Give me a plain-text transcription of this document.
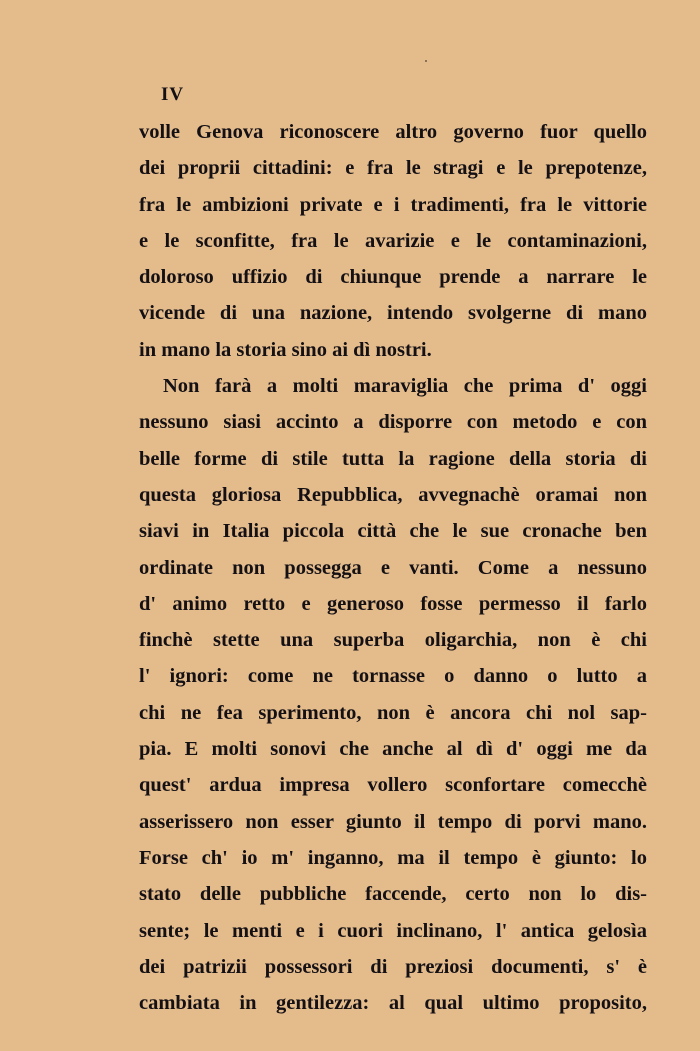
IV
volle Genova riconoscere altro governo fuor quello
dei proprii cittadini: e fra le stragi e le prepotenze,
fra le ambizioni private e i tradimenti, fra le vittorie
e le sconfitte, fra le avarizie e le contaminazioni,
doloroso uffizio di chiunque prende a narrare le
vicende di una nazione, intendo svolgerne di mano
in mano la storia sino ai dì nostri.
Non farà a molti maraviglia che prima d' oggi
nessuno siasi accinto a disporre con metodo e con
belle forme di stile tutta la ragione della storia di
questa gloriosa Repubblica, avvegnachè oramai non
siavi in Italia piccola città che le sue cronache ben
ordinate non possegga e vanti. Come a nessuno
d' animo retto e generoso fosse permesso il farlo
finchè stette una superba oligarchia, non è chi
l' ignori: come ne tornasse o danno o lutto a
chi ne fea sperimento, non è ancora chi nol sap-
pia. E molti sonovi che anche al dì d' oggi me da
quest' ardua impresa vollero sconfortare comecchè
asserissero non esser giunto il tempo di porvi mano.
Forse ch' io m' inganno, ma il tempo è giunto: lo
stato delle pubbliche faccende, certo non lo dis-
sente; le menti e i cuori inclinano, l' antica gelosìa
dei patrizii possessori di preziosi documenti, s' è
cambiata in gentilezza: al qual ultimo proposito,
